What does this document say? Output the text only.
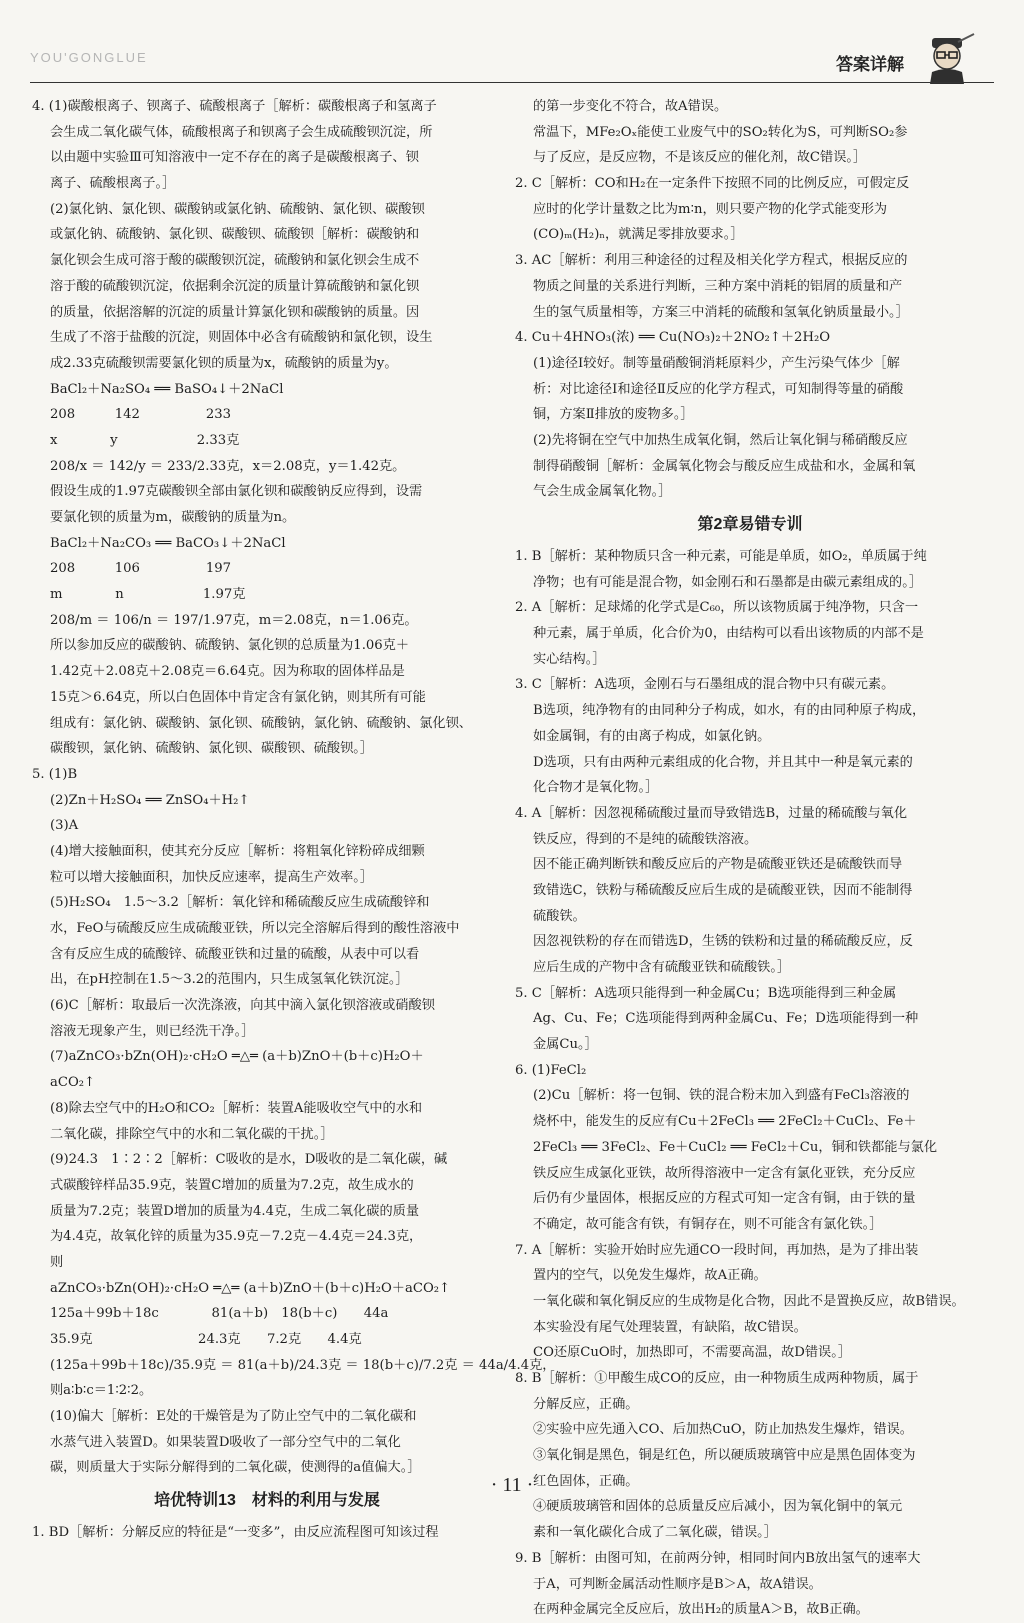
YOU'GONGLUE	答案详解
4. (1)碳酸根离子、钡离子、硫酸根离子［解析：碳酸根离子和氢离子
会生成二氧化碳气体，硫酸根离子和钡离子会生成硫酸钡沉淀，所
以由题中实验Ⅲ可知溶液中一定不存在的离子是碳酸根离子、钡
离子、硫酸根离子。］
(2)氯化钠、氯化钡、碳酸钠或氯化钠、硫酸钠、氯化钡、碳酸钡
或氯化钠、硫酸钠、氯化钡、碳酸钡、硫酸钡［解析：碳酸钠和
氯化钡会生成可溶于酸的碳酸钡沉淀，硫酸钠和氯化钡会生成不
溶于酸的硫酸钡沉淀，依据剩余沉淀的质量计算硫酸钠和氯化钡
的质量，依据溶解的沉淀的质量计算氯化钡和碳酸钠的质量。因
生成了不溶于盐酸的沉淀，则固体中必含有硫酸钠和氯化钡，设生
成2.33克硫酸钡需要氯化钡的质量为x，硫酸钠的质量为y。
BaCl₂＋Na₂SO₄ ══ BaSO₄↓＋2NaCl
208　　　142　　　　　233
x　　　　y　　　　　　2.33克
208/x ＝ 142/y ＝ 233/2.33克，x＝2.08克，y＝1.42克。
假设生成的1.97克碳酸钡全部由氯化钡和碳酸钠反应得到，设需
要氯化钡的质量为m，碳酸钠的质量为n。
BaCl₂＋Na₂CO₃ ══ BaCO₃↓＋2NaCl
208　　　106　　　　　197
m　　　　n　　　　　　1.97克
208/m ＝ 106/n ＝ 197/1.97克，m＝2.08克，n＝1.06克。
所以参加反应的碳酸钠、硫酸钠、氯化钡的总质量为1.06克＋
1.42克＋2.08克＋2.08克＝6.64克。因为称取的固体样品是
15克＞6.64克，所以白色固体中肯定含有氯化钠，则其所有可能
组成有：氯化钠、碳酸钠、氯化钡、硫酸钠，氯化钠、硫酸钠、氯化钡、
碳酸钡，氯化钠、硫酸钠、氯化钡、碳酸钡、硫酸钡。］
5. (1)B
(2)Zn＋H₂SO₄ ══ ZnSO₄＋H₂↑
(3)A
(4)增大接触面积，使其充分反应［解析：将粗氧化锌粉碎成细颗
粒可以增大接触面积，加快反应速率，提高生产效率。］
(5)H₂SO₄　1.5～3.2［解析：氧化锌和稀硫酸反应生成硫酸锌和
水，FeO与硫酸反应生成硫酸亚铁，所以完全溶解后得到的酸性溶液中
含有反应生成的硫酸锌、硫酸亚铁和过量的硫酸，从表中可以看
出，在pH控制在1.5～3.2的范围内，只生成氢氧化铁沉淀。］
(6)C［解析：取最后一次洗涤液，向其中滴入氯化钡溶液或硝酸钡
溶液无现象产生，则已经洗干净。］
(7)aZnCO₃·bZn(OH)₂·cH₂O ═△═ (a＋b)ZnO＋(b＋c)H₂O＋
aCO₂↑
(8)除去空气中的H₂O和CO₂［解析：装置A能吸收空气中的水和
二氧化碳，排除空气中的水和二氧化碳的干扰。］
(9)24.3　1∶2∶2［解析：C吸收的是水，D吸收的是二氧化碳，碱
式碳酸锌样品35.9克，装置C增加的质量为7.2克，故生成水的
质量为7.2克；装置D增加的质量为4.4克，生成二氧化碳的质量
为4.4克，故氧化锌的质量为35.9克－7.2克－4.4克＝24.3克，
则
aZnCO₃·bZn(OH)₂·cH₂O ═△═ (a＋b)ZnO＋(b＋c)H₂O＋aCO₂↑
125a＋99b＋18c　　　　81(a＋b)　18(b＋c)　　44a
35.9克　　　　　　　　24.3克　　7.2克　　4.4克
(125a＋99b＋18c)/35.9克 ＝ 81(a＋b)/24.3克 ＝ 18(b＋c)/7.2克 ＝ 44a/4.4克，
则a∶b∶c＝1∶2∶2。
(10)偏大［解析：E处的干燥管是为了防止空气中的二氧化碳和
水蒸气进入装置D。如果装置D吸收了一部分空气中的二氧化
碳，则质量大于实际分解得到的二氧化碳，使测得的a值偏大。］
培优特训13　材料的利用与发展
1. BD［解析：分解反应的特征是“一变多”，由反应流程图可知该过程
的第一步变化不符合，故A错误。
常温下，MFe₂Oₓ能使工业废气中的SO₂转化为S，可判断SO₂参
与了反应，是反应物，不是该反应的催化剂，故C错误。］
2. C［解析：CO和H₂在一定条件下按照不同的比例反应，可假定反
应时的化学计量数之比为m∶n，则只要产物的化学式能变形为
(CO)ₘ(H₂)ₙ，就满足零排放要求。］
3. AC［解析：利用三种途径的过程及相关化学方程式，根据反应的
物质之间量的关系进行判断，三种方案中消耗的铝屑的质量和产
生的氢气质量相等，方案三中消耗的硫酸和氢氧化钠质量最小。］
4. Cu＋4HNO₃(浓) ══ Cu(NO₃)₂＋2NO₂↑＋2H₂O
(1)途径Ⅰ较好。制等量硝酸铜消耗原料少，产生污染气体少［解
析：对比途径Ⅰ和途径Ⅱ反应的化学方程式，可知制得等量的硝酸
铜，方案Ⅱ排放的废物多。］
(2)先将铜在空气中加热生成氧化铜，然后让氧化铜与稀硝酸反应
制得硝酸铜［解析：金属氧化物会与酸反应生成盐和水，金属和氧
气会生成金属氧化物。］
第2章易错专训
1. B［解析：某种物质只含一种元素，可能是单质，如O₂，单质属于纯
净物；也有可能是混合物，如金刚石和石墨都是由碳元素组成的。］
2. A［解析：足球烯的化学式是C₆₀，所以该物质属于纯净物，只含一
种元素，属于单质，化合价为0，由结构可以看出该物质的内部不是
实心结构。］
3. C［解析：A选项，金刚石与石墨组成的混合物中只有碳元素。
B选项，纯净物有的由同种分子构成，如水，有的由同种原子构成，
如金属铜，有的由离子构成，如氯化钠。
D选项，只有由两种元素组成的化合物，并且其中一种是氧元素的
化合物才是氧化物。］
4. A［解析：因忽视稀硫酸过量而导致错选B，过量的稀硫酸与氧化
铁反应，得到的不是纯的硫酸铁溶液。
因不能正确判断铁和酸反应后的产物是硫酸亚铁还是硫酸铁而导
致错选C，铁粉与稀硫酸反应后生成的是硫酸亚铁，因而不能制得
硫酸铁。
因忽视铁粉的存在而错选D，生锈的铁粉和过量的稀硫酸反应，反
应后生成的产物中含有硫酸亚铁和硫酸铁。］
5. C［解析：A选项只能得到一种金属Cu；B选项能得到三种金属
Ag、Cu、Fe；C选项能得到两种金属Cu、Fe；D选项能得到一种
金属Cu。］
6. (1)FeCl₂
(2)Cu［解析：将一包铜、铁的混合粉末加入到盛有FeCl₃溶液的
烧杯中，能发生的反应有Cu＋2FeCl₃ ══ 2FeCl₂＋CuCl₂、Fe＋
2FeCl₃ ══ 3FeCl₂、Fe＋CuCl₂ ══ FeCl₂＋Cu，铜和铁都能与氯化
铁反应生成氯化亚铁，故所得溶液中一定含有氯化亚铁，充分反应
后仍有少量固体，根据反应的方程式可知一定含有铜，由于铁的量
不确定，故可能含有铁，有铜存在，则不可能含有氯化铁。］
7. A［解析：实验开始时应先通CO一段时间，再加热，是为了排出装
置内的空气，以免发生爆炸，故A正确。
一氧化碳和氧化铜反应的生成物是化合物，因此不是置换反应，故B错误。
本实验没有尾气处理装置，有缺陷，故C错误。
CO还原CuO时，加热即可，不需要高温，故D错误。］
8. B［解析：①甲酸生成CO的反应，由一种物质生成两种物质，属于
分解反应，正确。
②实验中应先通入CO、后加热CuO，防止加热发生爆炸，错误。
③氧化铜是黑色，铜是红色，所以硬质玻璃管中应是黑色固体变为
红色固体，正确。
④硬质玻璃管和固体的总质量反应后减小，因为氧化铜中的氧元
素和一氧化碳化合成了二氧化碳，错误。］
9. B［解析：由图可知，在前两分钟，相同时间内B放出氢气的速率大
于A，可判断金属活动性顺序是B＞A，故A错误。
在两种金属完全反应后，放出H₂的质量A＞B，故B正确。
· 11 ·
